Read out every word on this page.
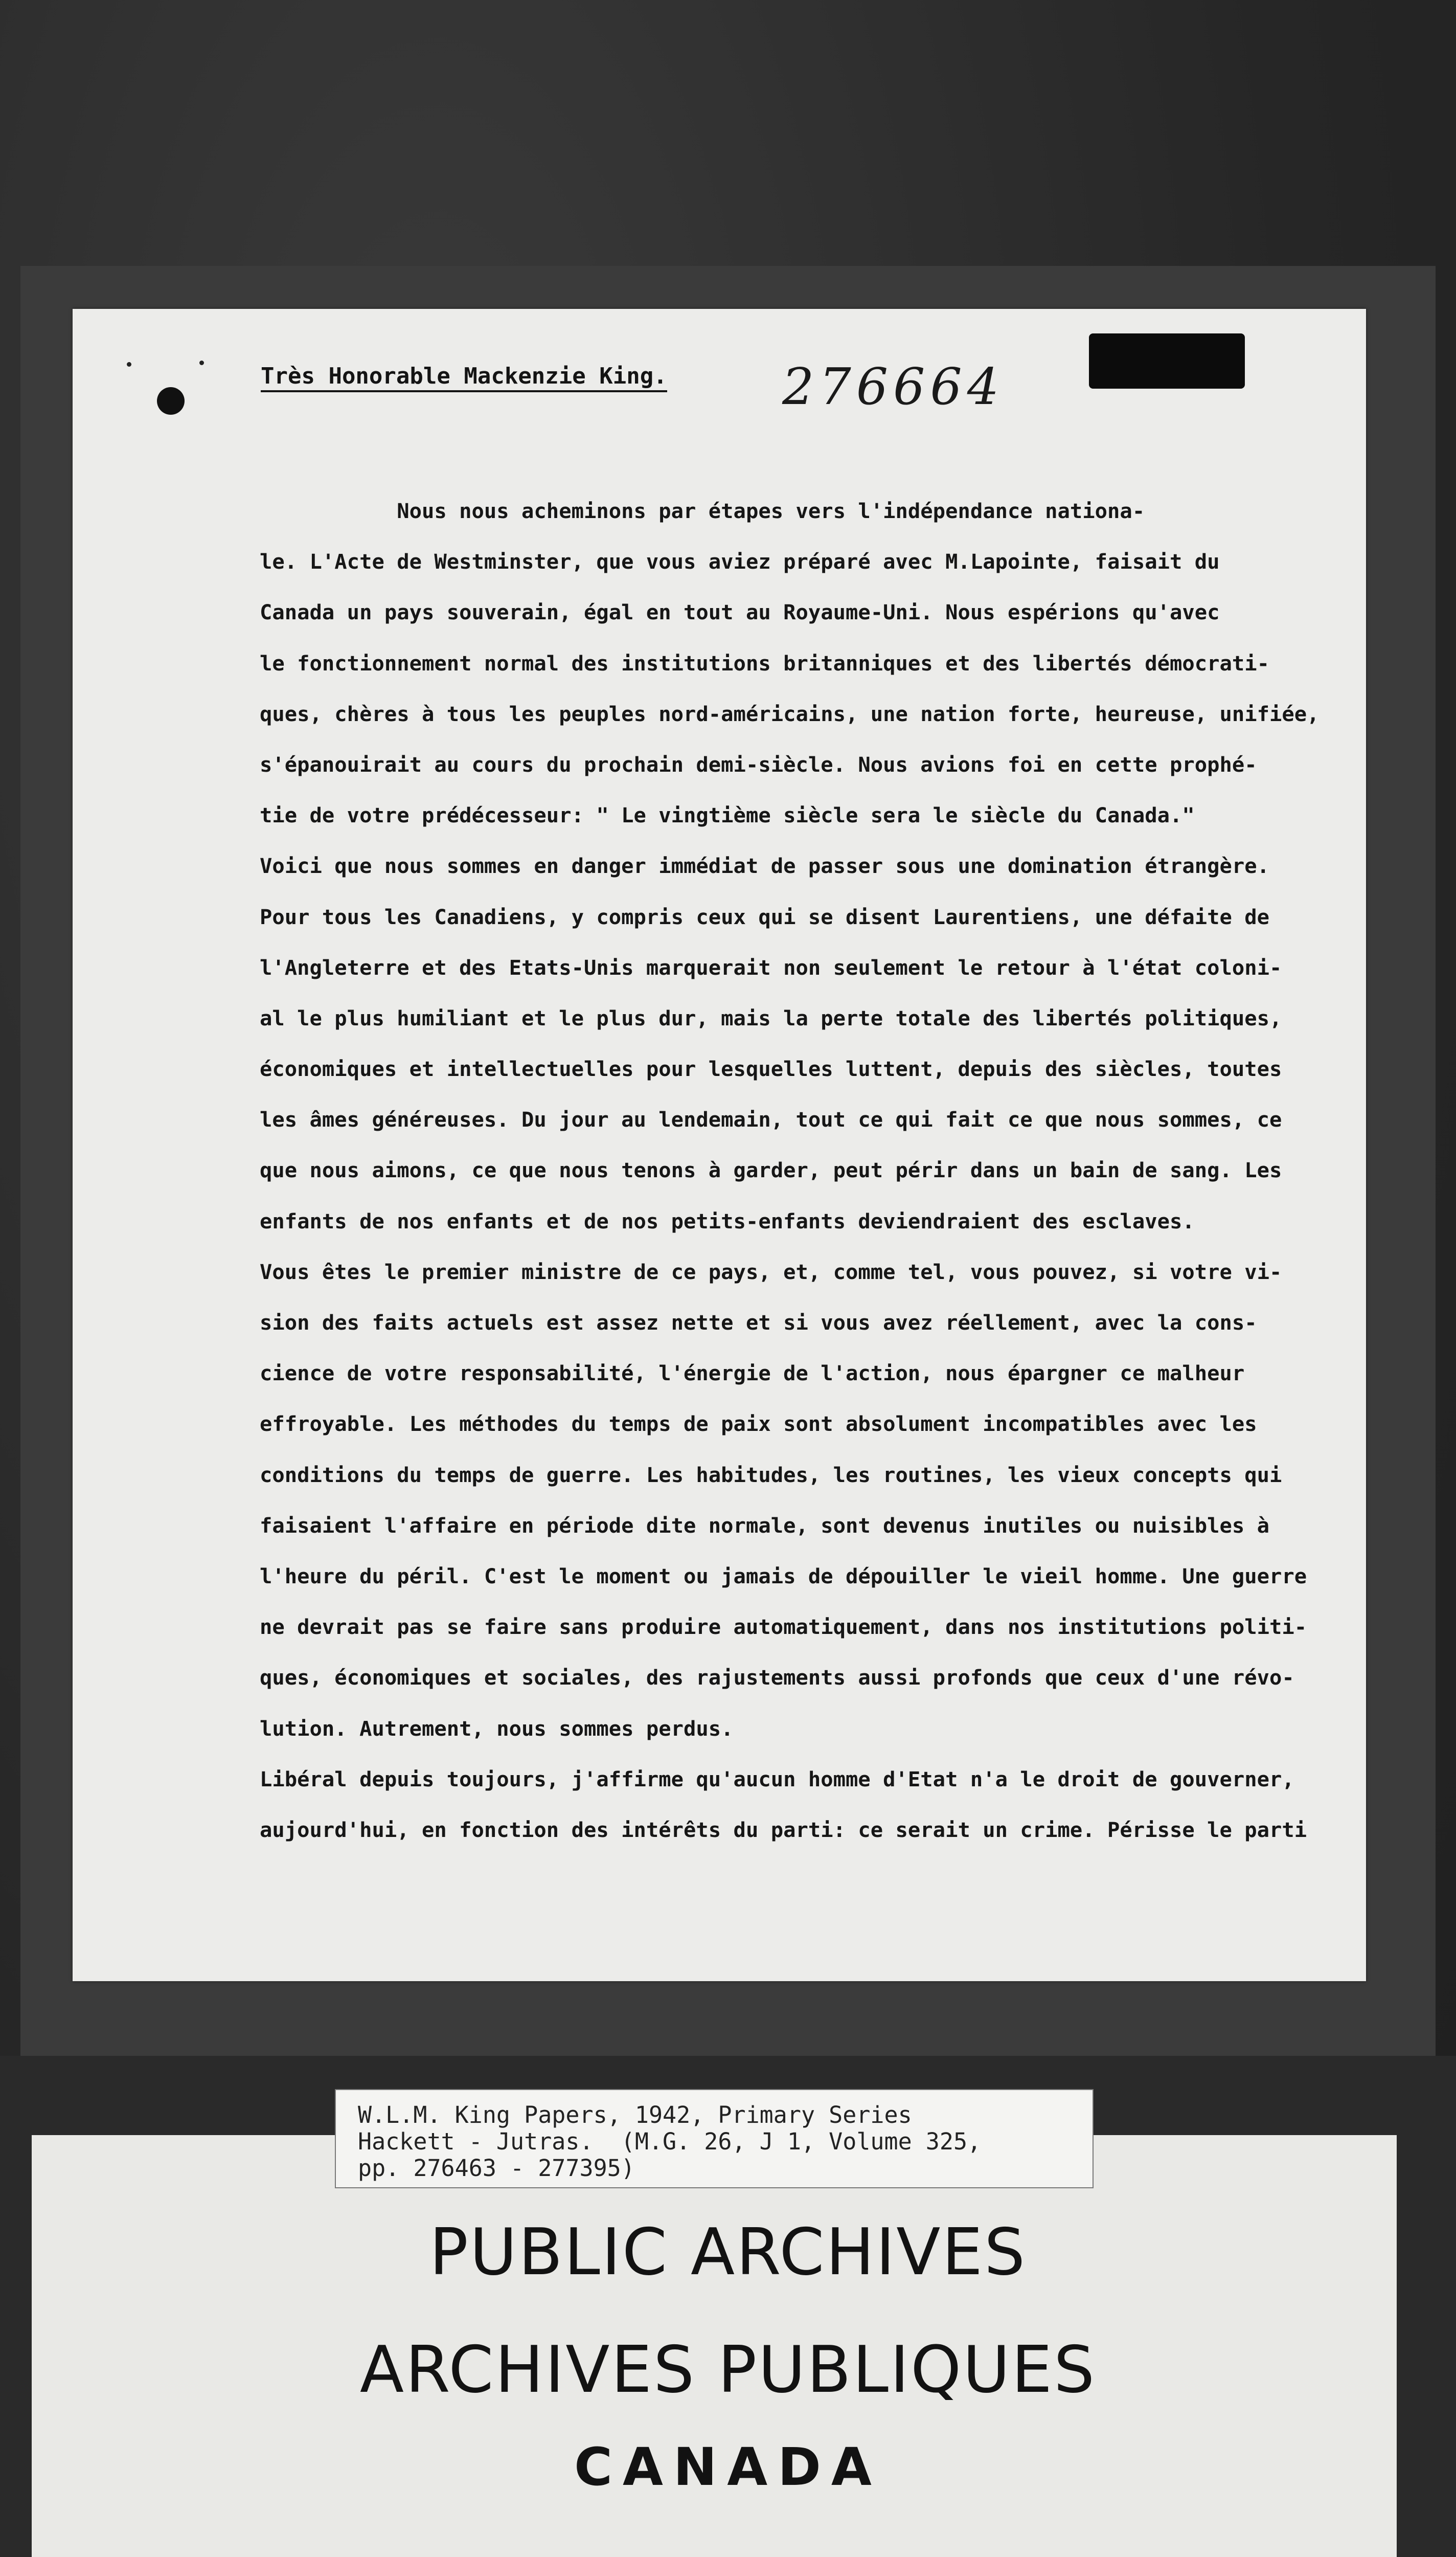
Très Honorable Mackenzie King. 276664
Nous nous acheminons par étapes vers l'indépendance nationa-
le. L'Acte de Westminster, que vous aviez préparé avec M.Lapointe, faisait du
Canada un pays souverain, égal en tout au Royaume-Uni. Nous espérions qu'avec
le fonctionnement normal des institutions britanniques et des libertés démocrati-
ques, chères à tous les peuples nord-américains, une nation forte, heureuse, unifiée,
s'épanouirait au cours du prochain demi-siècle. Nous avions foi en cette prophé-
tie de votre prédécesseur: " Le vingtième siècle sera le siècle du Canada."
Voici que nous sommes en danger immédiat de passer sous une domination étrangère.
Pour tous les Canadiens, y compris ceux qui se disent Laurentiens, une défaite de
l'Angleterre et des Etats-Unis marquerait non seulement le retour à l'état coloni-
al le plus humiliant et le plus dur, mais la perte totale des libertés politiques,
économiques et intellectuelles pour lesquelles luttent, depuis des siècles, toutes
les âmes généreuses. Du jour au lendemain, tout ce qui fait ce que nous sommes, ce
que nous aimons, ce que nous tenons à garder, peut périr dans un bain de sang. Les
enfants de nos enfants et de nos petits-enfants deviendraient des esclaves.
Vous êtes le premier ministre de ce pays, et, comme tel, vous pouvez, si votre vi-
sion des faits actuels est assez nette et si vous avez réellement, avec la cons-
cience de votre responsabilité, l'énergie de l'action, nous épargner ce malheur
effroyable. Les méthodes du temps de paix sont absolument incompatibles avec les
conditions du temps de guerre. Les habitudes, les routines, les vieux concepts qui
faisaient l'affaire en période dite normale, sont devenus inutiles ou nuisibles à
l'heure du péril. C'est le moment ou jamais de dépouiller le vieil homme. Une guerre
ne devrait pas se faire sans produire automatiquement, dans nos institutions politi-
ques, économiques et sociales, des rajustements aussi profonds que ceux d'une révo-
lution. Autrement, nous sommes perdus.
Libéral depuis toujours, j'affirme qu'aucun homme d'Etat n'a le droit de gouverner,
aujourd'hui, en fonction des intérêts du parti: ce serait un crime. Périsse le parti
W.L.M. King Papers, 1942, Primary Series
Hackett - Jutras.  (M.G. 26, J 1, Volume 325,
pp. 276463 - 277395)
PUBLIC ARCHIVES
ARCHIVES PUBLIQUES
CANADA
